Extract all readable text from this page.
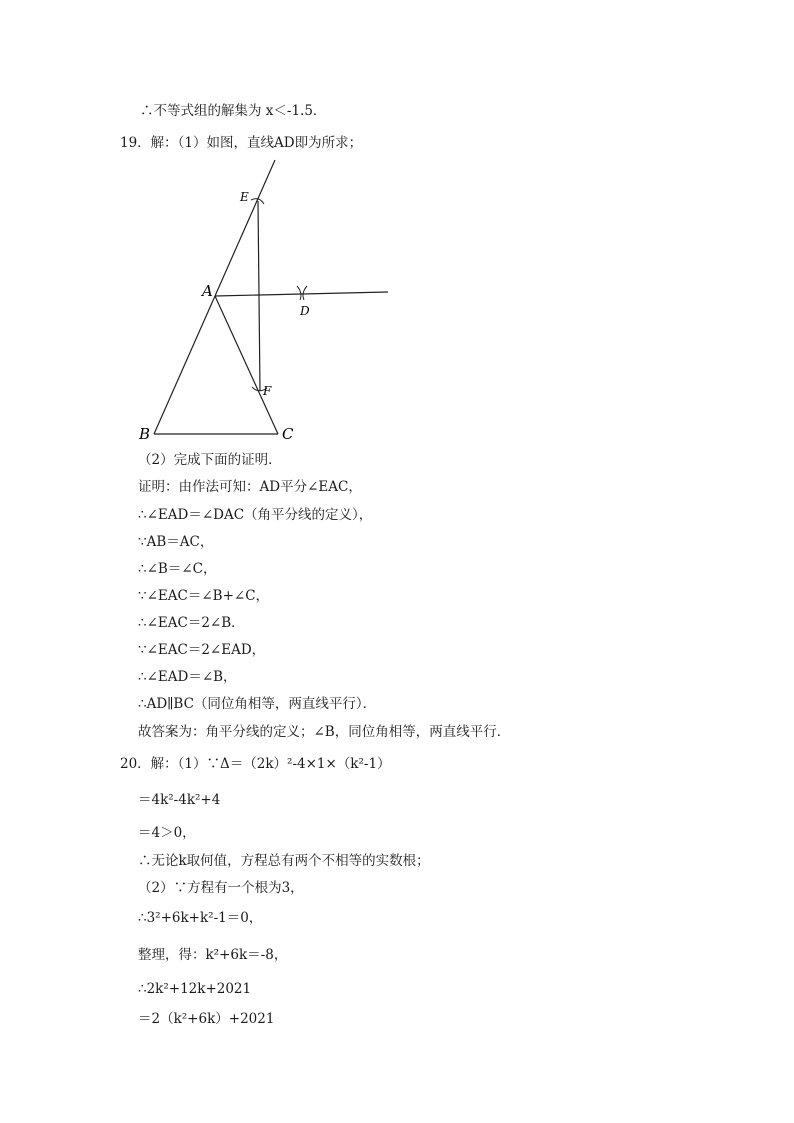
∴不等式组的解集为 x＜-1.5．
19．解：（1）如图，直线AD即为所求；
E
A
D
F
B	C
（2）完成下面的证明．
证明：由作法可知：AD平分∠EAC，
∴∠EAD＝∠DAC（角平分线的定义），
∵AB＝AC，
∴∠B＝∠C，
∵∠EAC＝∠B+∠C，
∴∠EAC＝2∠B．
∵∠EAC＝2∠EAD，
∴∠EAD＝∠B，
∴AD∥BC（同位角相等，两直线平行）．
故答案为：角平分线的定义；∠B，同位角相等，两直线平行．
20．解：（1）∵Δ＝（2k）²-4×1×（k²-1）
＝4k²-4k²+4
＝4＞0，
∴无论k取何值，方程总有两个不相等的实数根；
（2）∵方程有一个根为3，
∴3²+6k+k²-1＝0，
整理，得：k²+6k＝-8，
∴2k²+12k+2021
＝2（k²+6k）+2021
